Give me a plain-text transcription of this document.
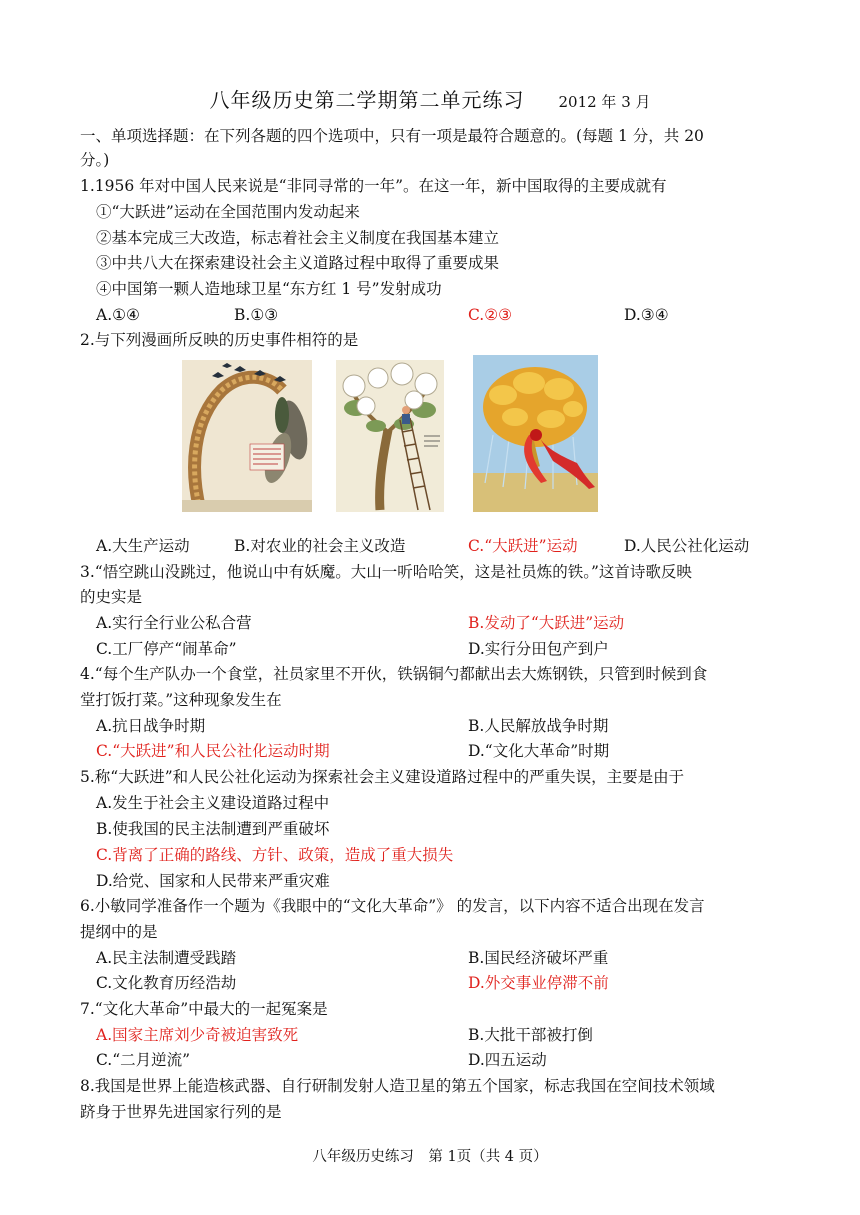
八年级历史第二学期第二单元练习 2012 年 3 月
一、单项选择题：在下列各题的四个选项中，只有一项是最符合题意的。(每题 1 分，共 20
分。)
1.1956 年对中国人民来说是“非同寻常的一年”。在这一年，新中国取得的主要成就有
①“大跃进”运动在全国范围内发动起来
②基本完成三大改造，标志着社会主义制度在我国基本建立
③中共八大在探索建设社会主义道路过程中取得了重要成果
④中国第一颗人造地球卫星“东方红 1 号”发射成功
A.①④	B.①③	C.②③	D.③④
2.与下列漫画所反映的历史事件相符的是
A.大生产运动	B.对农业的社会主义改造	C.“大跃进”运动	D.人民公社化运动
3.“悟空跳山没跳过，他说山中有妖魔。大山一听哈哈笑，这是社员炼的铁。”这首诗歌反映
的史实是
A.实行全行业公私合营	B.发动了“大跃进”运动
C.工厂停产“闹革命”	D.实行分田包产到户
4.“每个生产队办一个食堂，社员家里不开伙，铁锅铜勺都献出去大炼钢铁，只管到时候到食
堂打饭打菜。”这种现象发生在
A.抗日战争时期	B.人民解放战争时期
C.“大跃进”和人民公社化运动时期	D.“文化大革命”时期
5.称“大跃进”和人民公社化运动为探索社会主义建设道路过程中的严重失误，主要是由于
A.发生于社会主义建设道路过程中
B.使我国的民主法制遭到严重破坏
C.背离了正确的路线、方针、政策，造成了重大损失
D.给党、国家和人民带来严重灾难
6.小敏同学准备作一个题为《我眼中的“文化大革命”》 的发言，以下内容不适合出现在发言
提纲中的是
A.民主法制遭受践踏	B.国民经济破坏严重
C.文化教育历经浩劫	D.外交事业停滞不前
7.“文化大革命”中最大的一起冤案是
A.国家主席刘少奇被迫害致死	B.大批干部被打倒
C.“二月逆流”	D.四五运动
8.我国是世界上能造核武器、自行研制发射人造卫星的第五个国家，标志我国在空间技术领域
跻身于世界先进国家行列的是
八年级历史练习　第 1页（共 4 页）
